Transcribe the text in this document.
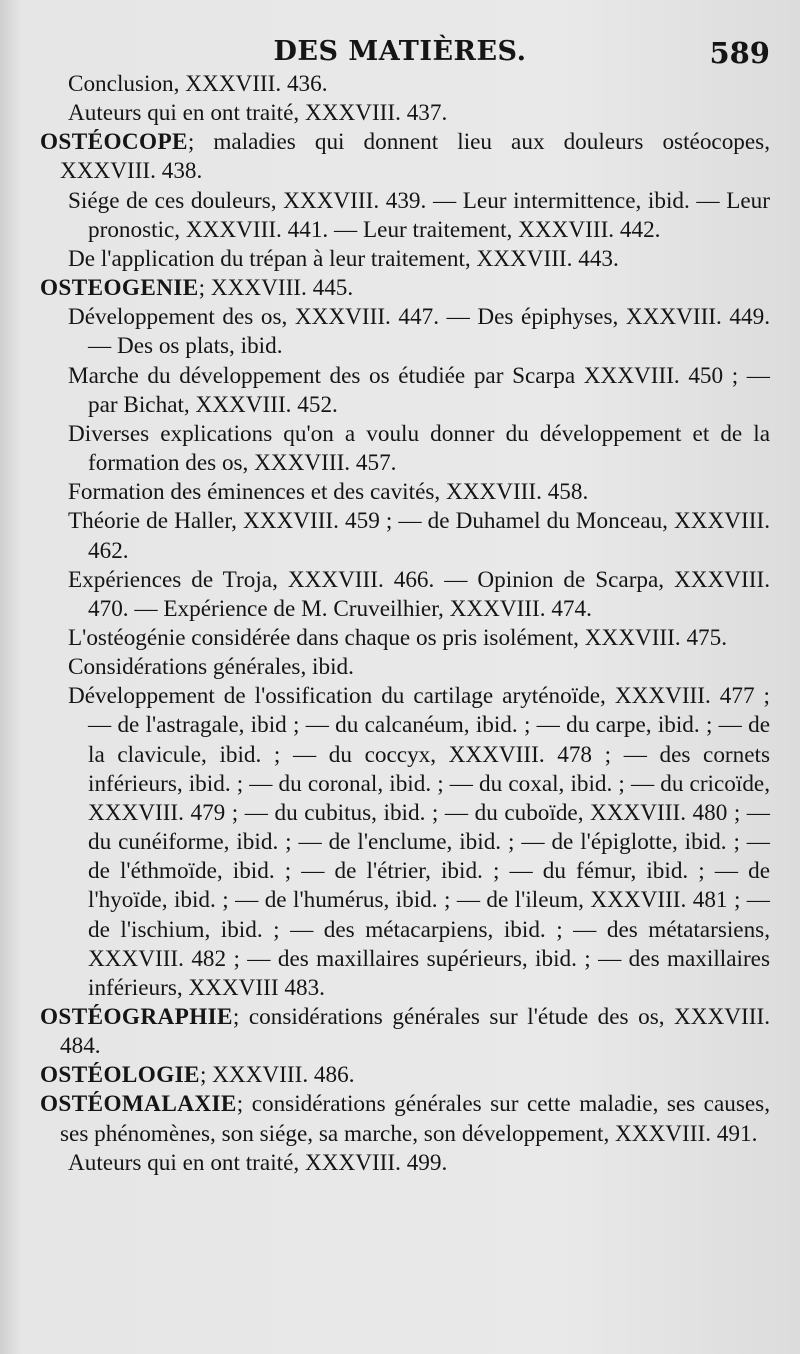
DES MATIÈRES.	589
Conclusion, XXXVIII. 436.
Auteurs qui en ont traité, XXXVIII. 437.
OSTÉOCOPE; maladies qui donnent lieu aux douleurs ostéocopes, XXXVIII. 438.
Siége de ces douleurs, XXXVIII. 439. — Leur intermittence, ibid. — Leur pronostic, XXXVIII. 441. — Leur traitement, XXXVIII. 442.
De l'application du trépan à leur traitement, XXXVIII. 443.
OSTEOGENIE; XXXVIII. 445.
Développement des os, XXXVIII. 447. — Des épiphyses, XXXVIII. 449. — Des os plats, ibid.
Marche du développement des os étudiée par Scarpa XXXVIII. 450 ; — par Bichat, XXXVIII. 452.
Diverses explications qu'on a voulu donner du développement et de la formation des os, XXXVIII. 457.
Formation des éminences et des cavités, XXXVIII. 458.
Théorie de Haller, XXXVIII. 459 ; — de Duhamel du Monceau, XXXVIII. 462.
Expériences de Troja, XXXVIII. 466. — Opinion de Scarpa, XXXVIII. 470. — Expérience de M. Cruveilhier, XXXVIII. 474.
L'ostéogénie considérée dans chaque os pris isolément, XXXVIII. 475.
Considérations générales, ibid.
Développement de l'ossification du cartilage aryténoïde, XXXVIII. 477 ; — de l'astragale, ibid ; — du calcanéum, ibid. ; — du carpe, ibid. ; — de la clavicule, ibid. ; — du coccyx, XXXVIII. 478 ; — des cornets inférieurs, ibid. ; — du coronal, ibid. ; — du coxal, ibid. ; — du cricoïde, XXXVIII. 479 ; — du cubitus, ibid. ; — du cuboïde, XXXVIII. 480 ; — du cunéiforme, ibid. ; — de l'enclume, ibid. ; — de l'épiglotte, ibid. ; — de l'éthmoïde, ibid. ; — de l'étrier, ibid. ; — du fémur, ibid. ; — de l'hyoïde, ibid. ; — de l'humérus, ibid. ; — de l'ileum, XXXVIII. 481 ; — de l'ischium, ibid. ; — des métacarpiens, ibid. ; — des métatarsiens, XXXVIII. 482 ; — des maxillaires supérieurs, ibid. ; — des maxillaires inférieurs, XXXVIII 483.
OSTÉOGRAPHIE; considérations générales sur l'étude des os, XXXVIII. 484.
OSTÉOLOGIE; XXXVIII. 486.
OSTÉOMALAXIE; considérations générales sur cette maladie, ses causes, ses phénomènes, son siége, sa marche, son développement, XXXVIII. 491.
Auteurs qui en ont traité, XXXVIII. 499.
